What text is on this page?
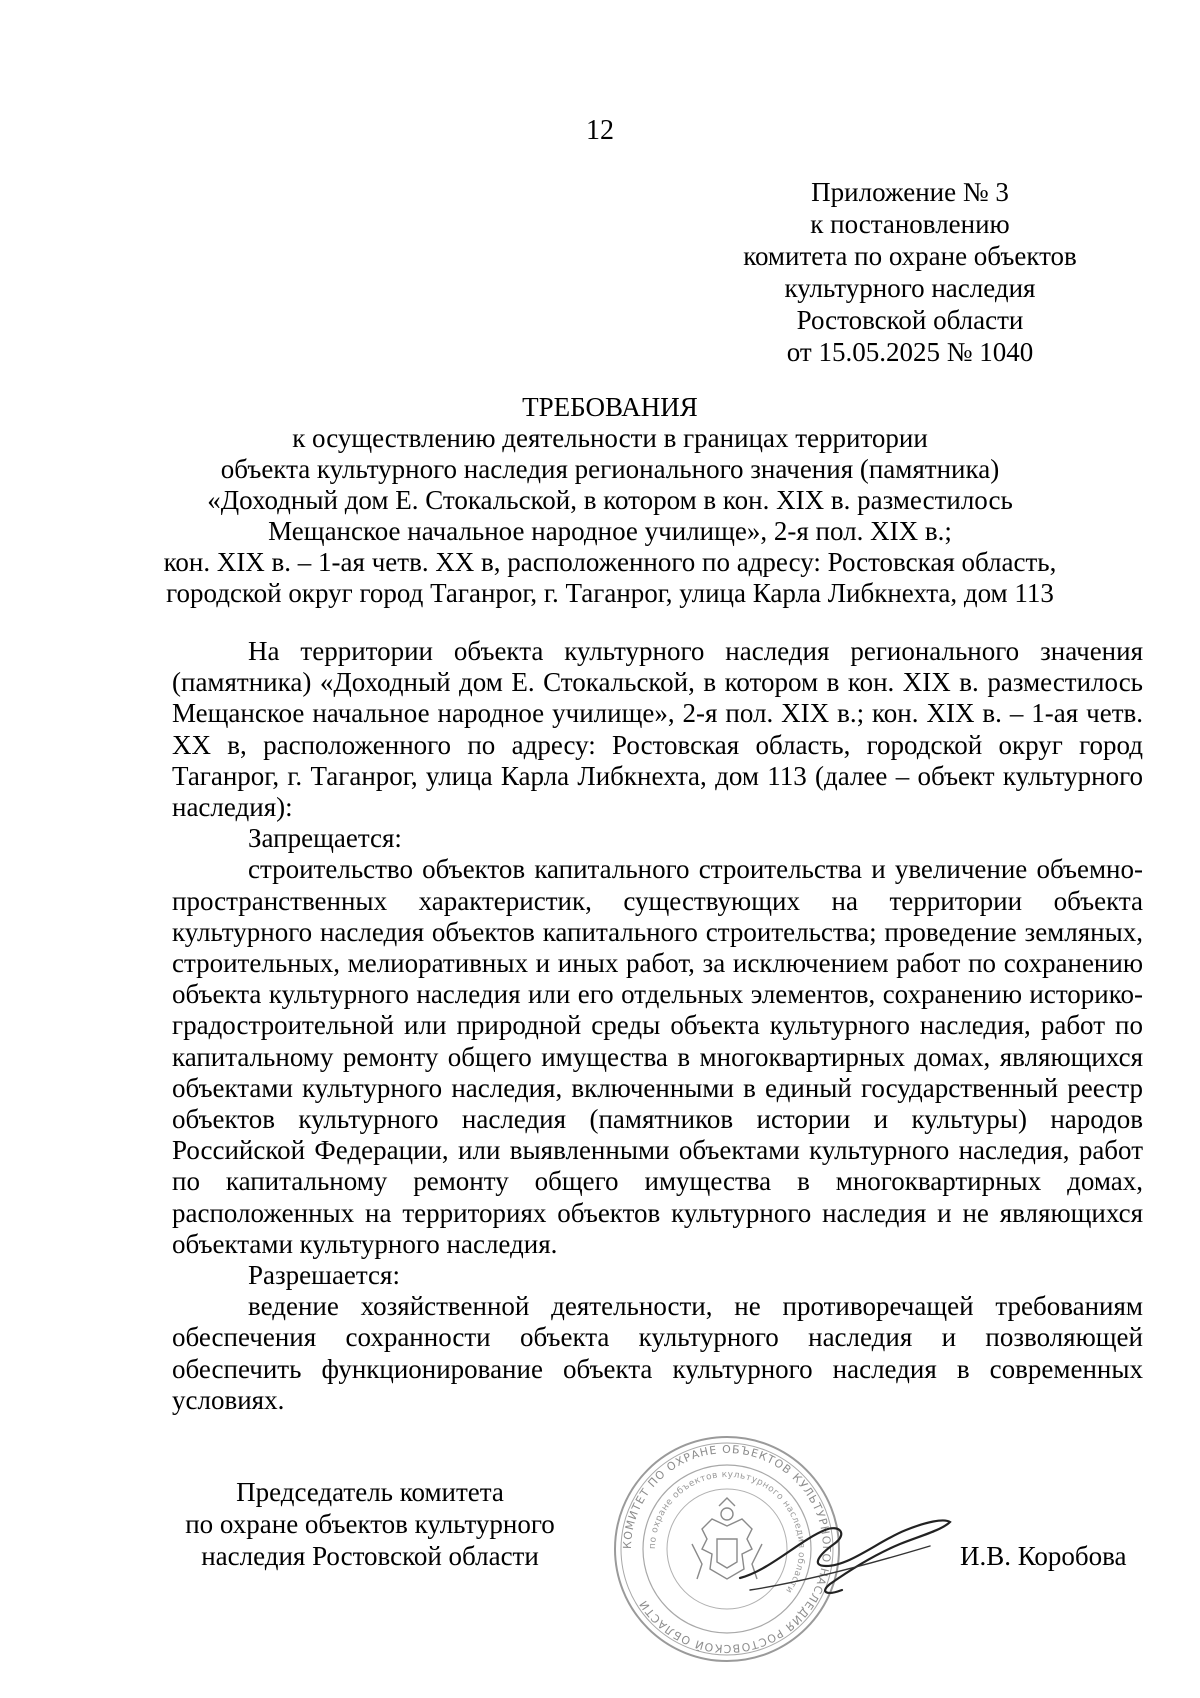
12
Приложение № 3
к постановлению
комитета по охране объектов
культурного наследия
Ростовской области
от 15.05.2025 № 1040
ТРЕБОВАНИЯ
к осуществлению деятельности в границах территории
объекта культурного наследия регионального значения (памятника)
«Доходный дом Е. Стокальской, в котором в кон. XIX в. разместилось
Мещанское начальное народное училище», 2-я пол. XIX в.;
кон. XIX в. – 1-ая четв. XX в, расположенного по адресу: Ростовская область,
городской округ город Таганрог, г. Таганрог, улица Карла Либкнехта, дом 113

На территории объекта культурного наследия регионального значения (памятника) «Доходный дом Е. Стокальской, в котором в кон. XIX в. разместилось Мещанское начальное народное училище», 2-я пол. XIX в.; кон. XIX в. – 1-ая четв. XX в, расположенного по адресу: Ростовская область, городской округ город Таганрог, г. Таганрог, улица Карла Либкнехта, дом 113 (далее – объект культурного наследия):

Запрещается:

строительство объектов капитального строительства и увеличение объемно-пространственных характеристик, существующих на территории объекта культурного наследия объектов капитального строительства; проведение земляных, строительных, мелиоративных и иных работ, за исключением работ по сохранению объекта культурного наследия или его отдельных элементов, сохранению историко-градостроительной или природной среды объекта культурного наследия, работ по капитальному ремонту общего имущества в многоквартирных домах, являющихся объектами культурного наследия, включенными в единый государственный реестр объектов культурного наследия (памятников истории и культуры) народов Российской Федерации, или выявленными объектами культурного наследия, работ по капитальному ремонту общего имущества в многоквартирных домах, расположенных на территориях объектов культурного наследия и не являющихся объектами культурного наследия.

Разрешается:

ведение хозяйственной деятельности, не противоречащей требованиям обеспечения сохранности объекта культурного наследия и позволяющей обеспечить функционирование объекта культурного наследия в современных условиях.

Председатель комитета
по охране объектов культурного
наследия Ростовской области	КОМИТЕТ ПО ОХРАНЕ ОБЪЕКТОВ КУЛЬТУРНОГО НАСЛЕДИЯ РОСТОВСКОЙ ОБЛАСТИ
по охране объектов культурного наследия области
И.В. Коробова
